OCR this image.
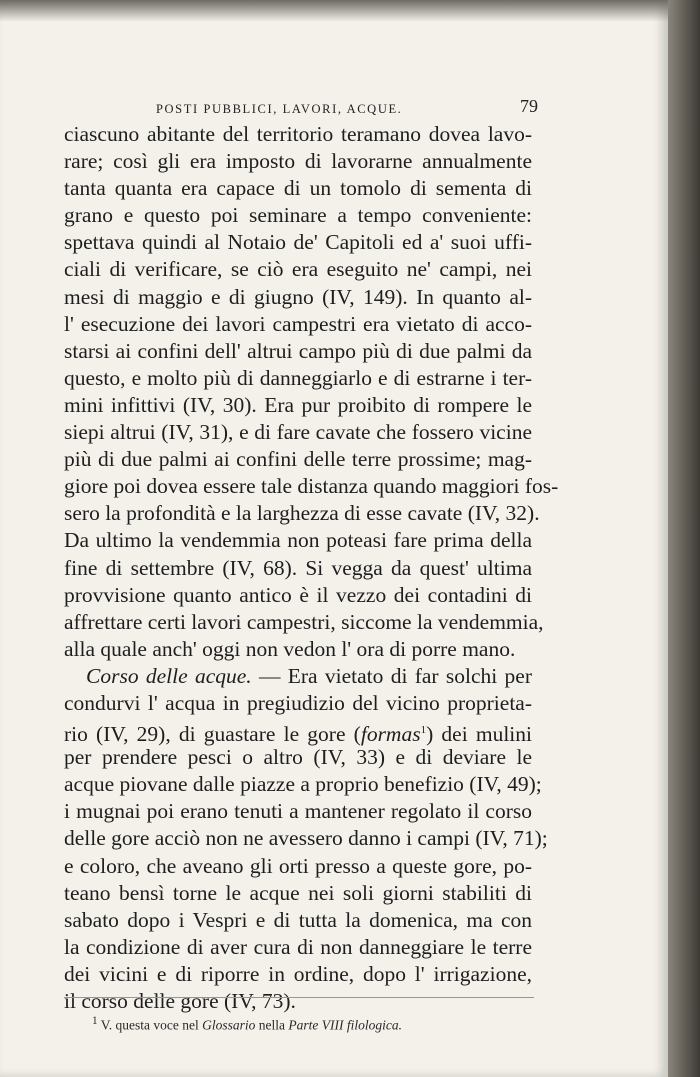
POSTI PUBBLICI, LAVORI, ACQUE.	79
ciascuno abitante del territorio teramano dovea lavo-
rare; così gli era imposto di lavorarne annualmente
tanta quanta era capace di un tomolo di sementa di
grano e questo poi seminare a tempo conveniente:
spettava quindi al Notaio de' Capitoli ed a' suoi uffi-
ciali di verificare, se ciò era eseguito ne' campi, nei
mesi di maggio e di giugno (IV, 149). In quanto al-
l' esecuzione dei lavori campestri era vietato di acco-
starsi ai confini dell' altrui campo più di due palmi da
questo, e molto più di danneggiarlo e di estrarne i ter-
mini infittivi (IV, 30). Era pur proibito di rompere le
siepi altrui (IV, 31), e di fare cavate che fossero vicine
più di due palmi ai confini delle terre prossime; mag-
giore poi dovea essere tale distanza quando maggiori fos-
sero la profondità e la larghezza di esse cavate (IV, 32).
Da ultimo la vendemmia non poteasi fare prima della
fine di settembre (IV, 68). Si vegga da quest' ultima
provvisione quanto antico è il vezzo dei contadini di
affrettare certi lavori campestri, siccome la vendemmia,
alla quale anch' oggi non vedon l' ora di porre mano.
Corso delle acque. — Era vietato di far solchi per
condurvi l' acqua in pregiudizio del vicino proprieta-
rio (IV, 29), di guastare le gore (formas$^1$) dei mulini
per prendere pesci o altro (IV, 33) e di deviare le
acque piovane dalle piazze a proprio benefizio (IV, 49);
i mugnai poi erano tenuti a mantener regolato il corso
delle gore acciò non ne avessero danno i campi (IV, 71);
e coloro, che aveano gli orti presso a queste gore, po-
teano bensì torne le acque nei soli giorni stabiliti di
sabato dopo i Vespri e di tutta la domenica, ma con
la condizione di aver cura di non danneggiare le terre
dei vicini e di riporre in ordine, dopo l' irrigazione,
il corso delle gore (IV, 73).
$^1$ V. questa voce nel Glossario nella Parte VIII filologica.
